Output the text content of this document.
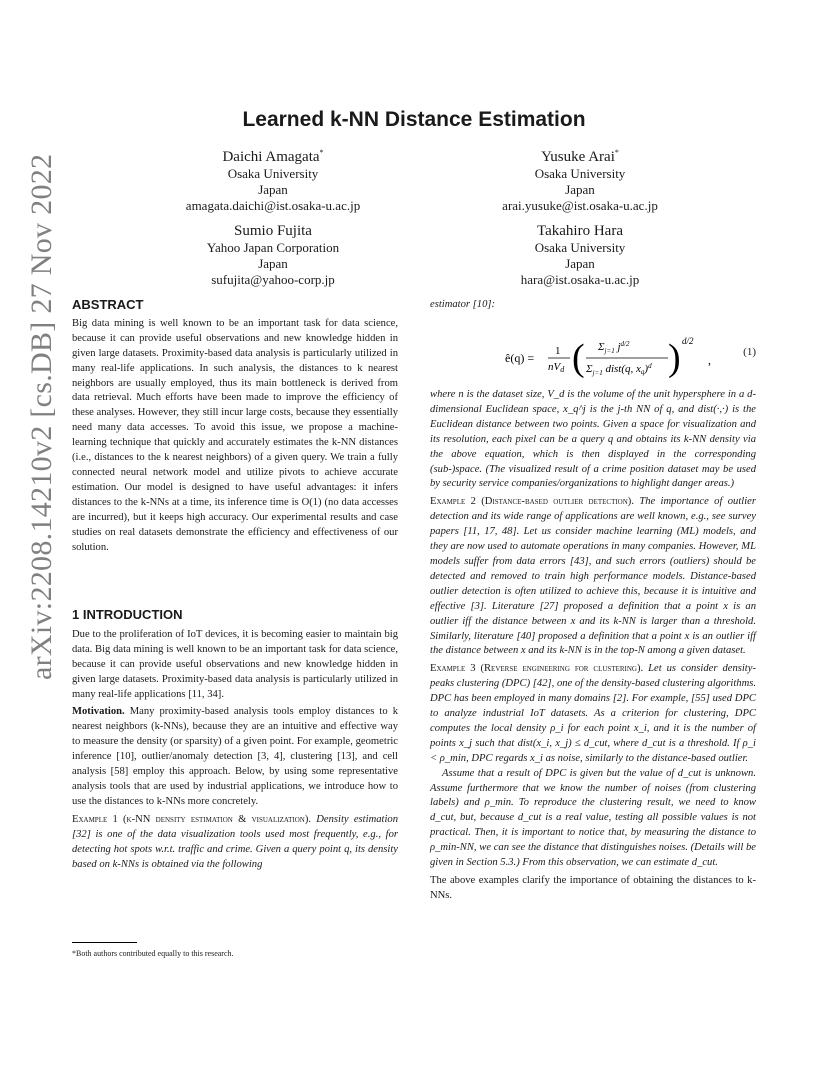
arXiv:2208.14210v2 [cs.DB] 27 Nov 2022
Learned k-NN Distance Estimation
Daichi Amagata*
Osaka University
Japan
amagata.daichi@ist.osaka-u.ac.jp
Yusuke Arai*
Osaka University
Japan
arai.yusuke@ist.osaka-u.ac.jp
Sumio Fujita
Yahoo Japan Corporation
Japan
sufujita@yahoo-corp.jp
Takahiro Hara
Osaka University
Japan
hara@ist.osaka-u.ac.jp

ABSTRACT

Big data mining is well known to be an important task for data science, because it can provide useful observations and new knowledge hidden in given large datasets. Proximity-based data analysis is particularly utilized in many real-life applications. In such analysis, the distances to k nearest neighbors are usually employed, thus its main bottleneck is derived from data retrieval. Much efforts have been made to improve the efficiency of these analyses. However, they still incur large costs, because they essentially need many data accesses. To avoid this issue, we propose a machine-learning technique that quickly and accurately estimates the k-NN distances (i.e., distances to the k nearest neighbors) of a given query. We train a fully connected neural network model and utilize pivots to achieve accurate estimation. Our model is designed to have useful advantages: it infers distances to the k-NNs at a time, its inference time is O(1) (no data accesses are incurred), but it keeps high accuracy. Our experimental results and case studies on real datasets demonstrate the efficiency and effectiveness of our solution.

1 INTRODUCTION

Due to the proliferation of IoT devices, it is becoming easier to maintain big data. Big data mining is well known to be an important task for data science, because it can provide useful observations and new knowledge hidden in given large datasets. Proximity-based data analysis is particularly utilized in many real-life applications [11, 34].

Motivation. Many proximity-based analysis tools employ distances to k nearest neighbors (k-NNs), because they are an intuitive and effective way to measure the density (or sparsity) of a given point. For example, geometric inference [10], outlier/anomaly detection [3, 4], clustering [13], and cell analysis [58] employ this approach. Below, by using some representative analysis tools that are used by industrial applications, we introduce how to use the distances to k-NNs more concretely.

Example 1 (k-NN density estimation & visualization). Density estimation [32] is one of the data visualization tools used most frequently, e.g., for detecting hot spots w.r.t. traffic and crime. Given a query point q, its density based on k-NNs is obtained via the following

*Both authors contributed equally to this research.
estimator [10]:
ê(q) = 1
nVd ( $\Sigma_{j=1}$ $j^{d/2}$
$\Sigma_{j=1}$ dist(q, xq)$^d$ ) d/2
,
(1)

where n is the dataset size, V_d is the volume of the unit hypersphere in a d-dimensional Euclidean space, x_q^j is the j-th NN of q, and dist(·,·) is the Euclidean distance between two points. Given a space for visualization and its resolution, each pixel can be a query q and obtains its k-NN density via the above equation, which is then displayed in the corresponding (sub-)space. (The visualized result of a crime position dataset may be used by security service companies/organizations to highlight danger areas.)

Example 2 (Distance-based outlier detection). The importance of outlier detection and its wide range of applications are well known, e.g., see survey papers [11, 17, 48]. Let us consider machine learning (ML) models, and they are now used to automate operations in many companies. However, ML models suffer from data errors [43], and such errors (outliers) should be detected and removed to train high performance models. Distance-based outlier detection is often utilized to achieve this, because it is intuitive and effective [3]. Literature [27] proposed a definition that a point x is an outlier iff the distance between x and its k-NN is larger than a threshold. Similarly, literature [40] proposed a definition that a point x is an outlier iff the distance between x and its k-NN is in the top-N among a given dataset.

Example 3 (Reverse engineering for clustering). Let us consider density-peaks clustering (DPC) [42], one of the density-based clustering algorithms. DPC has been employed in many domains [2]. For example, [55] used DPC to analyze industrial IoT datasets. As a criterion for clustering, DPC computes the local density ρ_i for each point x_i, and it is the number of points x_j such that dist(x_i, x_j) ≤ d_cut, where d_cut is a threshold. If ρ_i < ρ_min, DPC regards x_i as noise, similarly to the distance-based outlier.

Assume that a result of DPC is given but the value of d_cut is unknown. Assume furthermore that we know the number of noises (from clustering labels) and ρ_min. To reproduce the clustering result, we need to know d_cut, but, because d_cut is a real value, testing all possible values is not practical. Then, it is important to notice that, by measuring the distance to ρ_min-NN, we can see the distance that distinguishes noises. (Details will be given in Section 5.3.) From this observation, we can estimate d_cut.

The above examples clarify the importance of obtaining the distances to k-NNs.
